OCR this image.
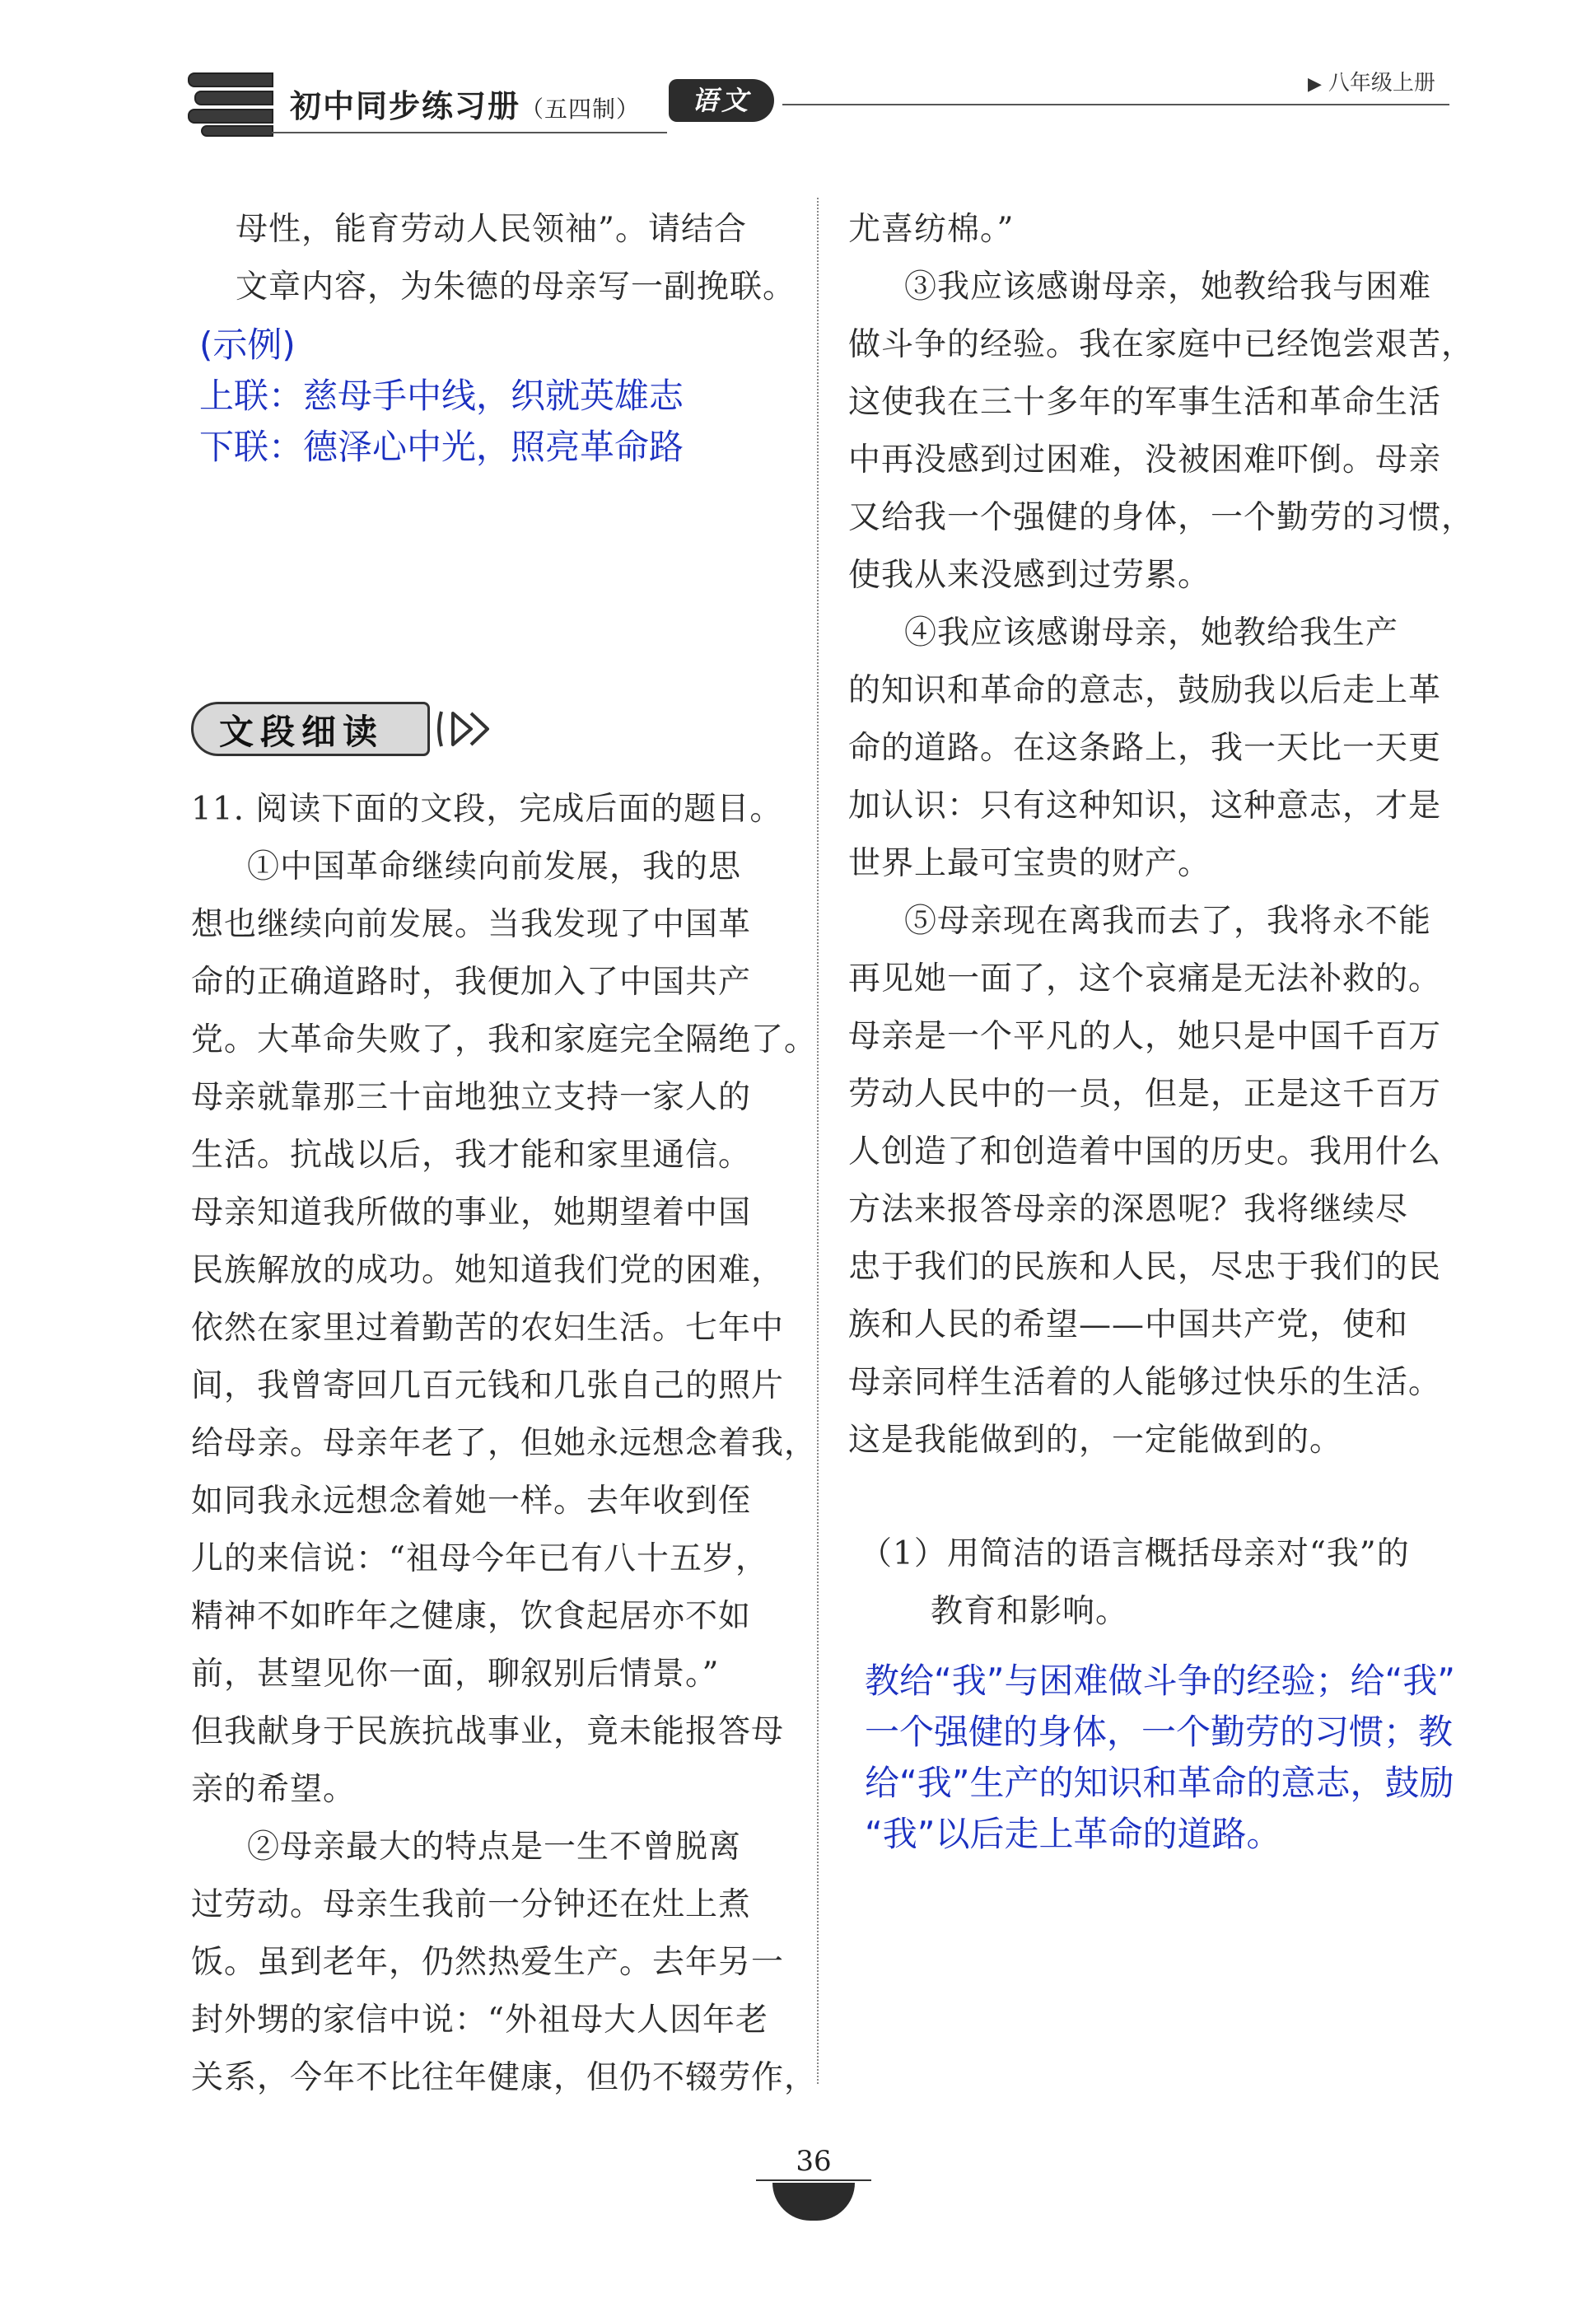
初中同步练习册（五四制）	语文
▶ 八年级上册
母性，能育劳动人民领袖”。请结合
文章内容，为朱德的母亲写一副挽联。
(示例)
上联：慈母手中线，织就英雄志
下联：德泽心中光，照亮革命路
文段细读
11. 阅读下面的文段，完成后面的题目。
①中国革命继续向前发展，我的思
想也继续向前发展。当我发现了中国革
命的正确道路时，我便加入了中国共产
党。大革命失败了，我和家庭完全隔绝了。
母亲就靠那三十亩地独立支持一家人的
生活。抗战以后，我才能和家里通信。
母亲知道我所做的事业，她期望着中国
民族解放的成功。她知道我们党的困难，
依然在家里过着勤苦的农妇生活。七年中
间，我曾寄回几百元钱和几张自己的照片
给母亲。母亲年老了，但她永远想念着我，
如同我永远想念着她一样。去年收到侄
儿的来信说：“祖母今年已有八十五岁，
精神不如昨年之健康，饮食起居亦不如
前，甚望见你一面，聊叙别后情景。”
但我献身于民族抗战事业，竟未能报答母
亲的希望。
②母亲最大的特点是一生不曾脱离
过劳动。母亲生我前一分钟还在灶上煮
饭。虽到老年，仍然热爱生产。去年另一
封外甥的家信中说：“外祖母大人因年老
关系，今年不比往年健康，但仍不辍劳作，
尤喜纺棉。”
③我应该感谢母亲，她教给我与困难
做斗争的经验。我在家庭中已经饱尝艰苦，
这使我在三十多年的军事生活和革命生活
中再没感到过困难，没被困难吓倒。母亲
又给我一个强健的身体，一个勤劳的习惯，
使我从来没感到过劳累。
④我应该感谢母亲，她教给我生产
的知识和革命的意志，鼓励我以后走上革
命的道路。在这条路上，我一天比一天更
加认识：只有这种知识，这种意志，才是
世界上最可宝贵的财产。
⑤母亲现在离我而去了，我将永不能
再见她一面了，这个哀痛是无法补救的。
母亲是一个平凡的人，她只是中国千百万
劳动人民中的一员，但是，正是这千百万
人创造了和创造着中国的历史。我用什么
方法来报答母亲的深恩呢？我将继续尽
忠于我们的民族和人民，尽忠于我们的民
族和人民的希望——中国共产党，使和
母亲同样生活着的人能够过快乐的生活。
这是我能做到的，一定能做到的。
（1）用简洁的语言概括母亲对“我”的
教育和影响。
教给“我”与困难做斗争的经验；给“我”
一个强健的身体，一个勤劳的习惯；教
给“我”生产的知识和革命的意志，鼓励
“我”以后走上革命的道路。
36
